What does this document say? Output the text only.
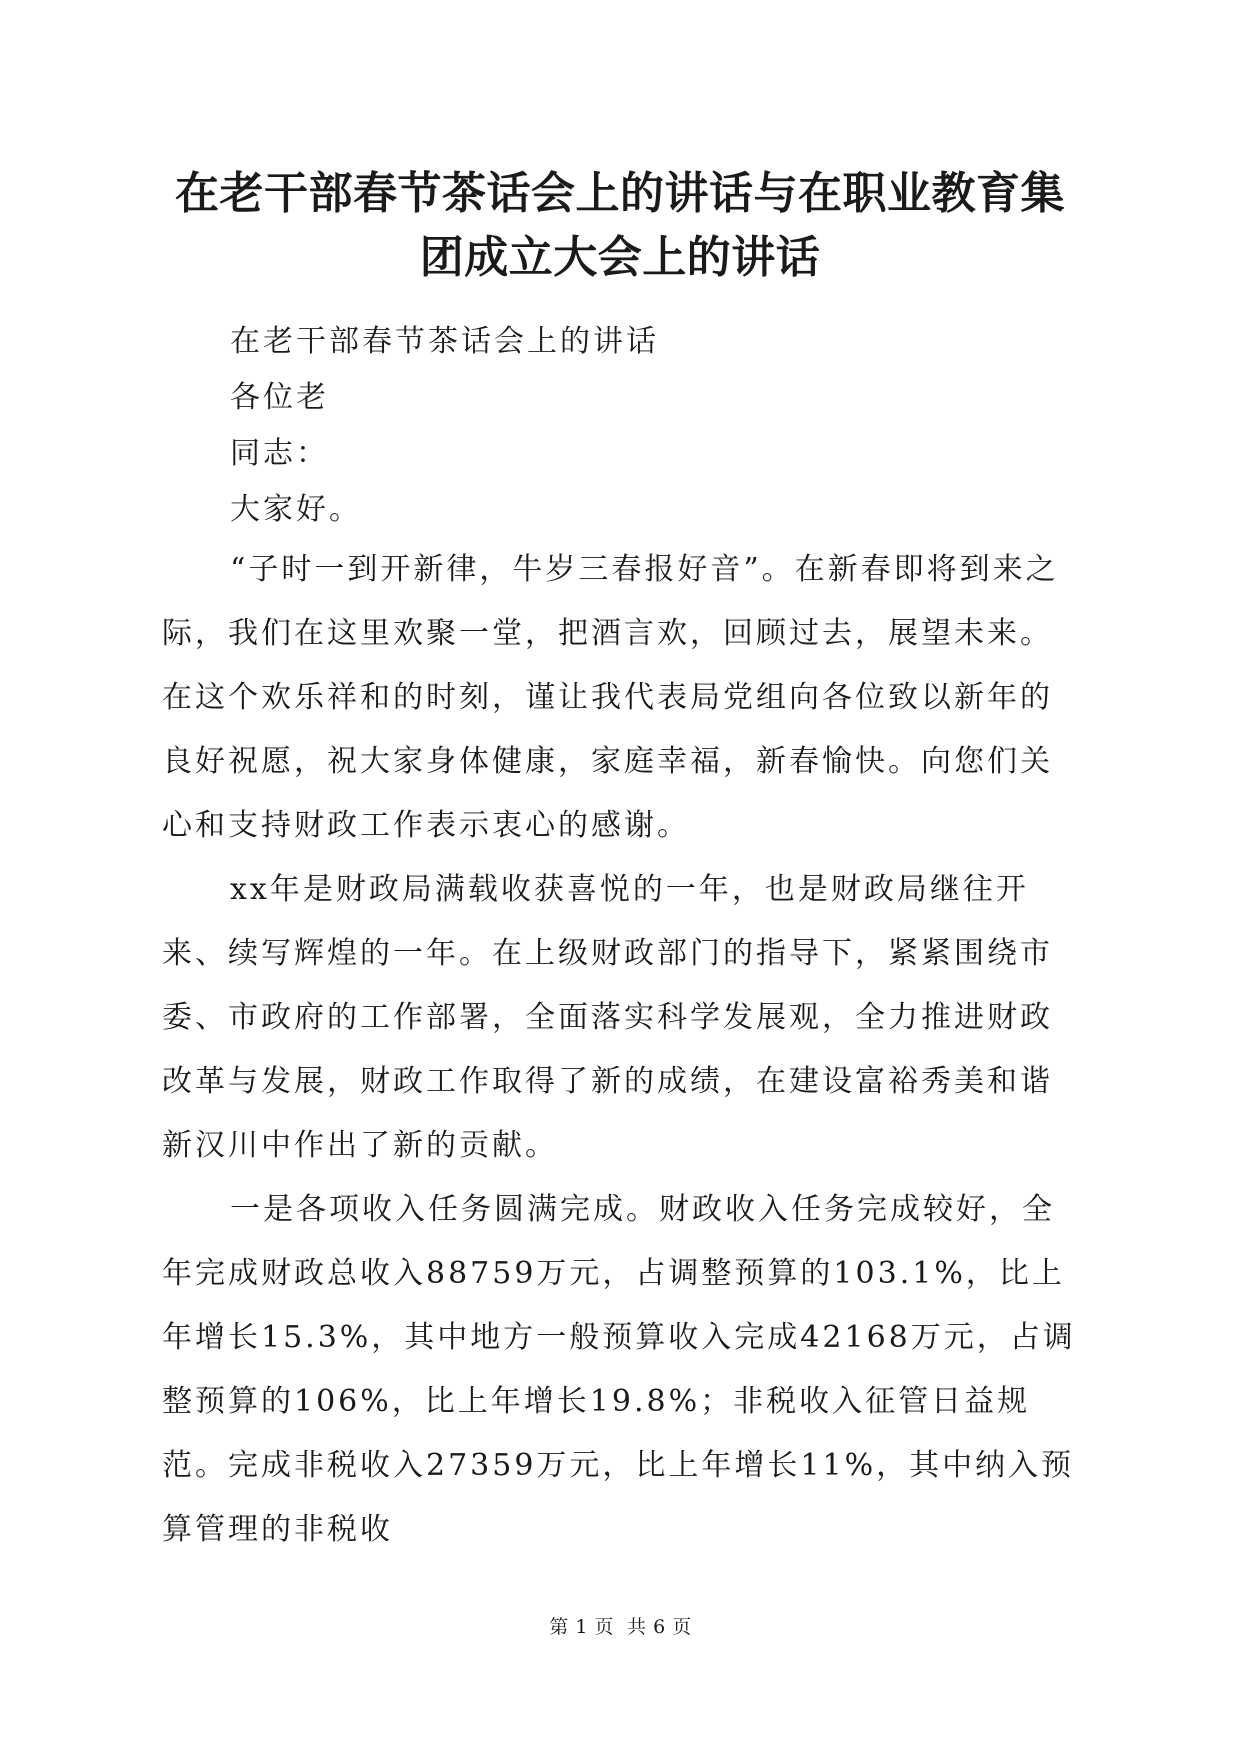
在老干部春节茶话会上的讲话与在职业教育集
团成立大会上的讲话

在老干部春节茶话会上的讲话

各位老

同志：

大家好。

“子时一到开新律，牛岁三春报好音”。在新春即将到来之际，我们在这里欢聚一堂，把酒言欢，回顾过去，展望未来。在这个欢乐祥和的时刻，谨让我代表局党组向各位致以新年的良好祝愿，祝大家身体健康，家庭幸福，新春愉快。向您们关心和支持财政工作表示衷心的感谢。

xx年是财政局满载收获喜悦的一年，也是财政局继往开来、续写辉煌的一年。在上级财政部门的指导下，紧紧围绕市委、市政府的工作部署，全面落实科学发展观，全力推进财政改革与发展，财政工作取得了新的成绩，在建设富裕秀美和谐新汉川中作出了新的贡献。

一是各项收入任务圆满完成。财政收入任务完成较好，全年完成财政总收入88759万元，占调整预算的103.1%，比上年增长15.3%，其中地方一般预算收入完成42168万元，占调整预算的106%，比上年增长19.8%；非税收入征管日益规范。完成非税收入27359万元，比上年增长11%，其中纳入预算管理的非税收

第 1 页  共 6 页
